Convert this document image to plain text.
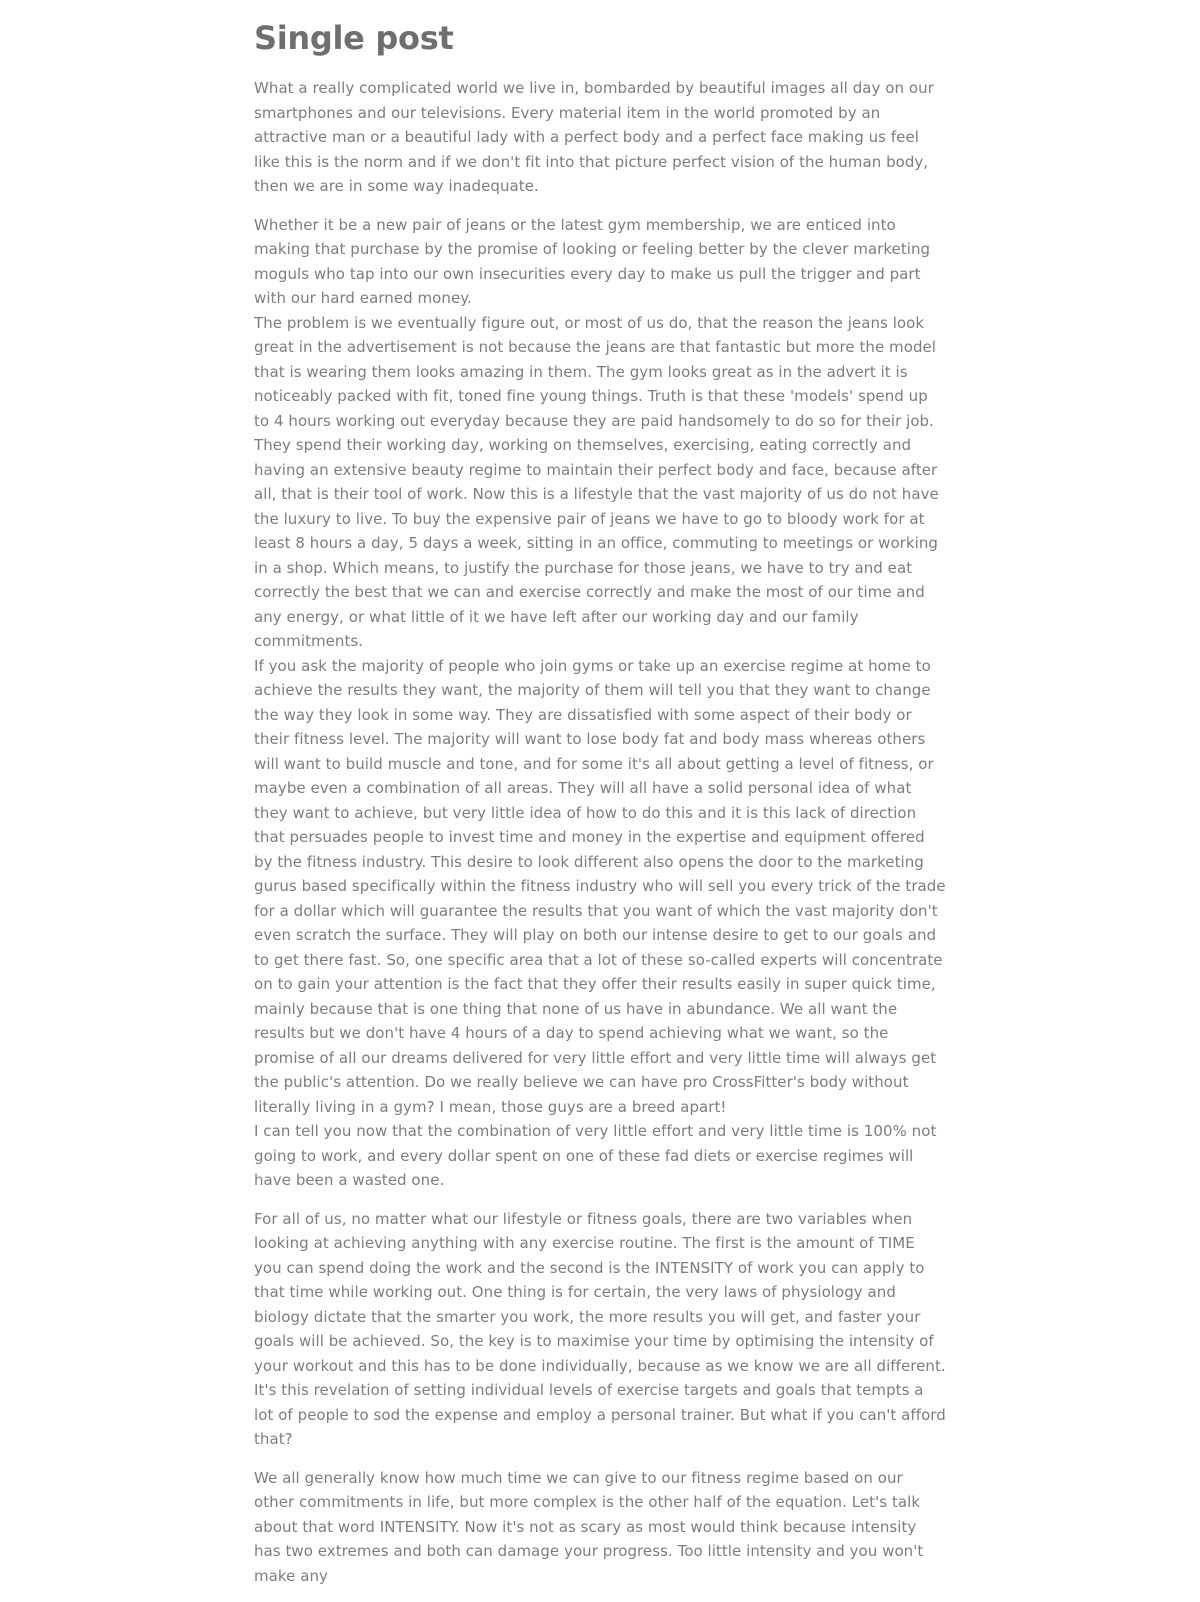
Single post

What a really complicated world we live in, bombarded by beautiful images all day on our smartphones and our televisions. Every material item in the world promoted by an attractive man or a beautiful lady with a perfect body and a perfect face making us feel like this is the norm and if we don't fit into that picture perfect vision of the human body, then we are in some way inadequate.

Whether it be a new pair of jeans or the latest gym membership, we are enticed into making that purchase by the promise of looking or feeling better by the clever marketing moguls who tap into our own insecurities every day to make us pull the trigger and part with our hard earned money.

The problem is we eventually figure out, or most of us do, that the reason the jeans look great in the advertisement is not because the jeans are that fantastic but more the model that is wearing them looks amazing in them. The gym looks great as in the advert it is noticeably packed with fit, toned fine young things. Truth is that these 'models' spend up to 4 hours working out everyday because they are paid handsomely to do so for their job. They spend their working day, working on themselves, exercising, eating correctly and having an extensive beauty regime to maintain their perfect body and face, because after all, that is their tool of work. Now this is a lifestyle that the vast majority of us do not have the luxury to live. To buy the expensive pair of jeans we have to go to bloody work for at least 8 hours a day, 5 days a week, sitting in an office, commuting to meetings or working in a shop. Which means, to justify the purchase for those jeans, we have to try and eat correctly the best that we can and exercise correctly and make the most of our time and any energy, or what little of it we have left after our working day and our family commitments.

If you ask the majority of people who join gyms or take up an exercise regime at home to achieve the results they want, the majority of them will tell you that they want to change the way they look in some way. They are dissatisfied with some aspect of their body or their fitness level. The majority will want to lose body fat and body mass whereas others will want to build muscle and tone, and for some it's all about getting a level of fitness, or maybe even a combination of all areas. They will all have a solid personal idea of what they want to achieve, but very little idea of how to do this and it is this lack of direction that persuades people to invest time and money in the expertise and equipment offered by the fitness industry. This desire to look different also opens the door to the marketing gurus based specifically within the fitness industry who will sell you every trick of the trade for a dollar which will guarantee the results that you want of which the vast majority don't even scratch the surface. They will play on both our intense desire to get to our goals and to get there fast. So, one specific area that a lot of these so-called experts will concentrate on to gain your attention is the fact that they offer their results easily in super quick time, mainly because that is one thing that none of us have in abundance. We all want the results but we don't have 4 hours of a day to spend achieving what we want, so the promise of all our dreams delivered for very little effort and very little time will always get the public's attention. Do we really believe we can have pro CrossFitter's body without literally living in a gym? I mean, those guys are a breed apart!

I can tell you now that the combination of very little effort and very little time is 100% not going to work, and every dollar spent on one of these fad diets or exercise regimes will have been a wasted one.

For all of us, no matter what our lifestyle or fitness goals, there are two variables when looking at achieving anything with any exercise routine. The first is the amount of TIME you can spend doing the work and the second is the INTENSITY of work you can apply to that time while working out. One thing is for certain, the very laws of physiology and biology dictate that the smarter you work, the more results you will get, and faster your goals will be achieved. So, the key is to maximise your time by optimising the intensity of your workout and this has to be done individually, because as we know we are all different. It's this revelation of setting individual levels of exercise targets and goals that tempts a lot of people to sod the expense and employ a personal trainer. But what if you can't afford that?

We all generally know how much time we can give to our fitness regime based on our other commitments in life, but more complex is the other half of the equation. Let's talk about that word INTENSITY. Now it's not as scary as most would think because intensity has two extremes and both can damage your progress. Too little intensity and you won't make any
